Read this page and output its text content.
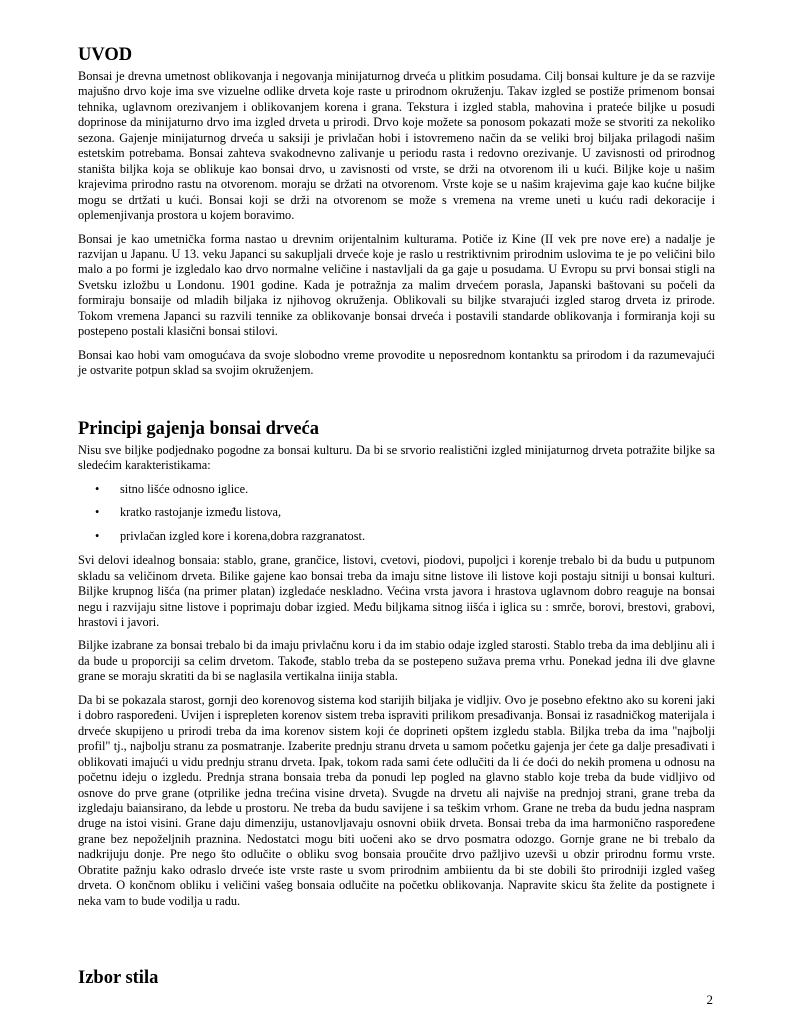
UVOD

Bonsai je drevna umetnost oblikovanja i negovanja minijaturnog drveća u plitkim posudama. Cilj bonsai kulture je da se razvije majušno drvo koje ima sve vizuelne odlike drveta koje raste u prirodnom okruženju. Takav izgled se postiže primenom bonsai tehnika, uglavnom orezivanjem i oblikovanjem korena i grana. Tekstura i izgled stabla, mahovina i prateće biljke u posudi doprinose da minijaturno drvo ima izgled drveta u prirodi. Drvo koje možete sa ponosom pokazati može se stvoriti za nekoliko sezona. Gajenje minijaturnog drveća u saksiji je privlačan hobi i istovremeno način da se veliki broj biljaka prilagodi našim estetskim potrebama. Bonsai zahteva svakodnevno zalivanje u periodu rasta i redovno orezivanje. U zavisnosti od prirodnog staništa biljka koja se oblikuje kao bonsai drvo, u zavisnosti od vrste, se drži na otvorenom ili u kući. Biljke koje u našim krajevima prirodno rastu na otvorenom. moraju se držati na otvorenom. Vrste koje se u našim krajevima gaje kao kućne biljke mogu se drtžati u kući. Bonsai koji se drži na otvorenom se može s vremena na vreme uneti u kuću radi dekoracije i oplemenjivanja prostora u kojem boravimo.

Bonsai je kao umetnička forma nastao u drevnim orijentalnim kulturama. Potiče iz Kine (II vek pre nove ere) a nadalje je razvijan u Japanu. U 13. veku Japanci su sakupljali drveće koje je raslo u restriktivnim prirodnim uslovima te je po veličini bilo malo a po formi je izgledalo kao drvo normalne veličine i nastavljali da ga gaje u posudama. U Evropu su prvi bonsai stigli na Svetsku izložbu u Londonu. 1901 godine. Kada je potražnja za malim drvećem porasla, Japanski baštovani su počeli da formiraju bonsaije od mladih biljaka iz njihovog okruženja. Oblikovali su biljke stvarajući izgled starog drveta iz prirode. Tokom vremena Japanci su razvili tennike za oblikovanje bonsai drveća i postavili standarde oblikovanja i formiranja koji su postepeno postali klasični bonsai stilovi.

Bonsai kao hobi vam omogućava da svoje slobodno vreme provodite u neposrednom kontanktu sa prirodom i da razumevajući je ostvarite potpun sklad sa svojim okruženjem.

Principi gajenja bonsai drveća

Nisu sve biljke podjednako pogodne za bonsai kulturu. Da bi se srvorio realistični izgled minijaturnog drveta potražite biljke sa sledećim karakteristikama:

• sitno lišće odnosno iglice.
• kratko rastojanje između listova,
• privlačan izgled kore i korena,dobra razgranatost.

Svi delovi idealnog bonsaia: stablo, grane, grančice, listovi, cvetovi, piodovi, pupoljci i korenje trebalo bi da budu u putpunom skladu sa veličinom drveta. Bilike gajene kao bonsai treba da imaju sitne listove ili listove koji postaju sitniji u bonsai kulturi. Biljke krupnog lišća (na primer platan) izgledaće neskladno. Većina vrsta javora i hrastova uglavnom dobro reaguje na bonsai negu i razvijaju sitne listove i poprimaju dobar izgied. Među biljkama sitnog iišća i iglica su : smrče, borovi, brestovi, grabovi, hrastovi i javori.

Biljke izabrane za bonsai trebalo bi da imaju privlačnu koru i da im stabio odaje izgled starosti. Stablo treba da ima debljinu ali i da bude u proporciji sa celim drvetom. Takođe, stablo treba da se postepeno sužava prema vrhu. Ponekad jedna ili dve glavne grane se moraju skratiti da bi se naglasila vertikalna iinija stabla.

Da bi se pokazala starost, gornji deo korenovog sistema kod starijih biljaka je vidljiv. Ovo je posebno efektno ako su koreni jaki i dobro raspoređeni. Uvijen i isprepleten korenov sistem treba ispraviti prilikom presađivanja. Bonsai iz rasadničkog materijala i drveće skupijeno u prirodi treba da ima korenov sistem koji će doprineti opštem izgledu stabla. Biljka treba da ima "najbolji profil" tj., najbolju stranu za posmatranje. Izaberite prednju stranu drveta u samom početku gajenja jer ćete ga dalje presađivati i oblikovati imajući u vidu prednju stranu drveta. Ipak, tokom rada sami ćete odlučiti da li će doći do nekih promena u odnosu na početnu ideju o izgledu. Prednja strana bonsaia treba da ponudi lep pogled na glavno stablo koje treba da bude vidljivo od osnove do prve grane (otprilike jedna trećina visine drveta). Svugde na drvetu ali najviše na prednjoj strani, grane treba da izgledaju baiansirano, da lebde u prostoru. Ne treba da budu savijene i sa teškim vrhom. Grane ne treba da budu jedna naspram druge na istoi visini. Grane daju dimenziju, ustanovljavaju osnovni obiik drveta. Bonsai treba da ima harmonično raspoređene grane bez nepoželjnih praznina. Nedostatci mogu biti uočeni ako se drvo posmatra odozgo. Gornje grane ne bi trebalo da nadkrijuju donje. Pre nego što odlučite o obliku svog bonsaia proučite drvo pažljivo uzevši u obzir prirodnu formu vrste. Obratite pažnju kako odraslo drveće iste vrste raste u svom prirodnim ambiientu da bi ste dobili što prirodniji izgled vašeg drveta. O končnom obliku i veličini vašeg bonsaia odlučite na početku oblikovanja. Napravite skicu šta želite da postignete i neka vam to bude vodilja u radu.

Izbor stila
2
